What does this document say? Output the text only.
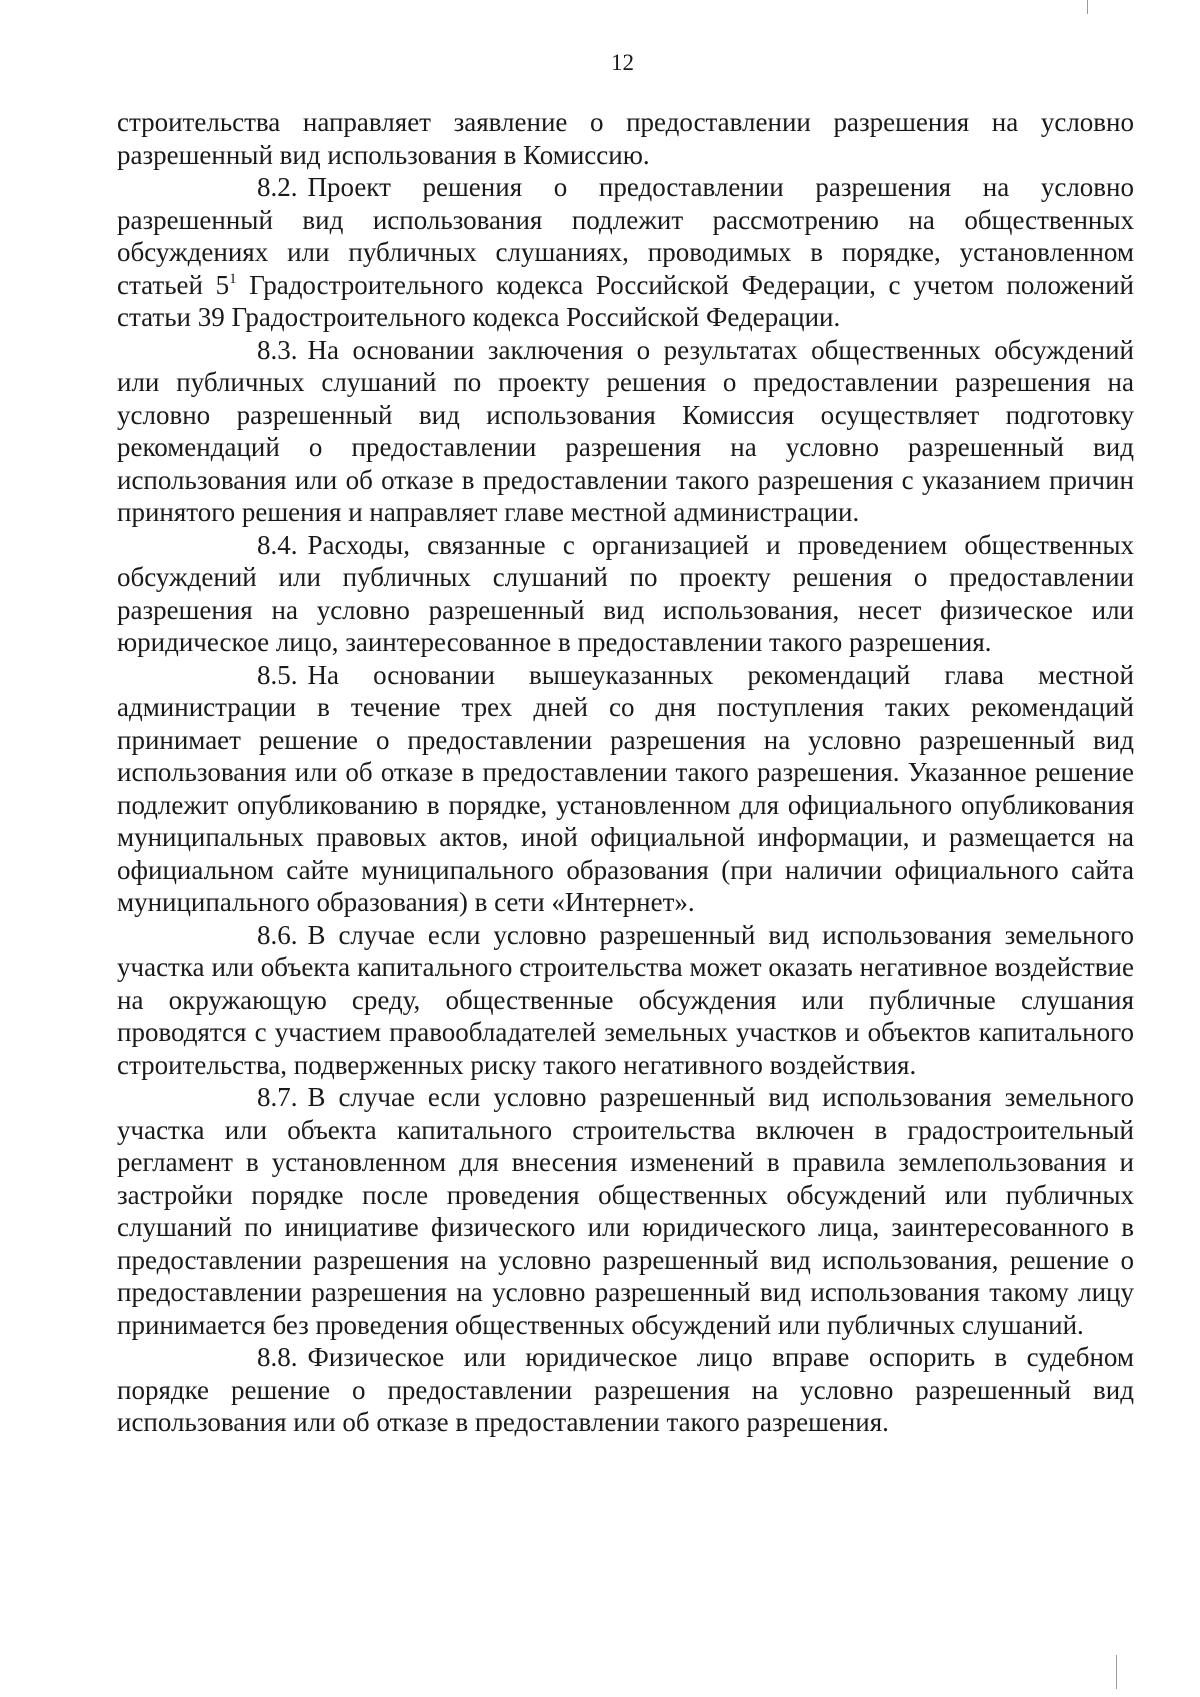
12

строительства направляет заявление о предоставлении разрешения на условно разрешенный вид использования в Комиссию.

8.2. Проект решения о предоставлении разрешения на условно разрешенный вид использования подлежит рассмотрению на общественных обсуждениях или публичных слушаниях, проводимых в порядке, установленном статьей $5^1$ Градостроительного кодекса Российской Федерации, с учетом положений статьи 39 Градостроительного кодекса Российской Федерации.

8.3. На основании заключения о результатах общественных обсуждений или публичных слушаний по проекту решения о предоставлении разрешения на условно разрешенный вид использования Комиссия осуществляет подготовку рекомендаций о предоставлении разрешения на условно разрешенный вид использования или об отказе в предоставлении такого разрешения с указанием причин принятого решения и направляет главе местной администрации.

8.4. Расходы, связанные с организацией и проведением общественных обсуждений или публичных слушаний по проекту решения о предоставлении разрешения на условно разрешенный вид использования, несет физическое или юридическое лицо, заинтересованное в предоставлении такого разрешения.

8.5. На основании вышеуказанных рекомендаций глава местной администрации в течение трех дней со дня поступления таких рекомендаций принимает решение о предоставлении разрешения на условно разрешенный вид использования или об отказе в предоставлении такого разрешения. Указанное решение подлежит опубликованию в порядке, установленном для официального опубликования муниципальных правовых актов, иной официальной информации, и размещается на официальном сайте муниципального образования (при наличии официального сайта муниципального образования) в сети «Интернет».

8.6. В случае если условно разрешенный вид использования земельного участка или объекта капитального строительства может оказать негативное воздействие на окружающую среду, общественные обсуждения или публичные слушания проводятся с участием правообладателей земельных участков и объектов капитального строительства, подверженных риску такого негативного воздействия.

8.7. В случае если условно разрешенный вид использования земельного участка или объекта капитального строительства включен в градостроительный регламент в установленном для внесения изменений в правила землепользования и застройки порядке после проведения общественных обсуждений или публичных слушаний по инициативе физического или юридического лица, заинтересованного в предоставлении разрешения на условно разрешенный вид использования, решение о предоставлении разрешения на условно разрешенный вид использования такому лицу принимается без проведения общественных обсуждений или публичных слушаний.

8.8. Физическое или юридическое лицо вправе оспорить в судебном порядке решение о предоставлении разрешения на условно разрешенный вид использования или об отказе в предоставлении такого разрешения.
